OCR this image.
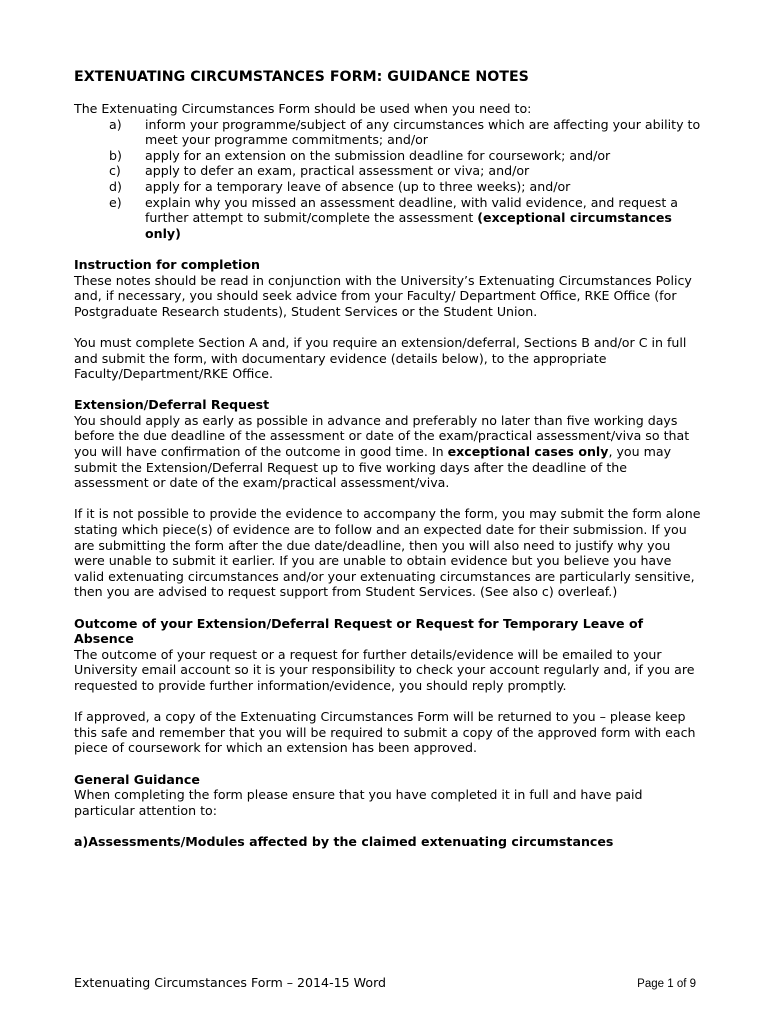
EXTENUATING CIRCUMSTANCES FORM: GUIDANCE NOTES

The Extenuating Circumstances Form should be used when you need to:

a)	inform your programme/subject of any circumstances which are affecting your ability to meet your programme commitments; and/or
b)	apply for an extension on the submission deadline for coursework; and/or
c)	apply to defer an exam, practical assessment or viva; and/or
d)	apply for a temporary leave of absence (up to three weeks); and/or
e)	explain why you missed an assessment deadline, with valid evidence, and request a further attempt to submit/complete the assessment (exceptional circumstances only)

Instruction for completion

These notes should be read in conjunction with the University’s Extenuating Circumstances Policy and, if necessary, you should seek advice from your Faculty/ Department Office, RKE Office (for Postgraduate Research students), Student Services or the Student Union.

You must complete Section A and, if you require an extension/deferral, Sections B and/or C in full and submit the form, with documentary evidence (details below), to the appropriate Faculty/Department/RKE Office.

Extension/Deferral Request

You should apply as early as possible in advance and preferably no later than five working days before the due deadline of the assessment or date of the exam/practical assessment/viva so that you will have confirmation of the outcome in good time. In exceptional cases only, you may submit the Extension/Deferral Request up to five working days after the deadline of the assessment or date of the exam/practical assessment/viva.

If it is not possible to provide the evidence to accompany the form, you may submit the form alone stating which piece(s) of evidence are to follow and an expected date for their submission. If you are submitting the form after the due date/deadline, then you will also need to justify why you were unable to submit it earlier. If you are unable to obtain evidence but you believe you have valid extenuating circumstances and/or your extenuating circumstances are particularly sensitive, then you are advised to request support from Student Services. (See also c) overleaf.)

Outcome of your Extension/Deferral Request or Request for Temporary Leave of Absence

The outcome of your request or a request for further details/evidence will be emailed to your University email account so it is your responsibility to check your account regularly and, if you are requested to provide further information/evidence, you should reply promptly.

If approved, a copy of the Extenuating Circumstances Form will be returned to you – please keep this safe and remember that you will be required to submit a copy of the approved form with each piece of coursework for which an extension has been approved.

General Guidance

When completing the form please ensure that you have completed it in full and have paid particular attention to:

a)Assessments/Modules affected by the claimed extenuating circumstances

Extenuating Circumstances Form – 2014-15 Word	Page 1 of 9
